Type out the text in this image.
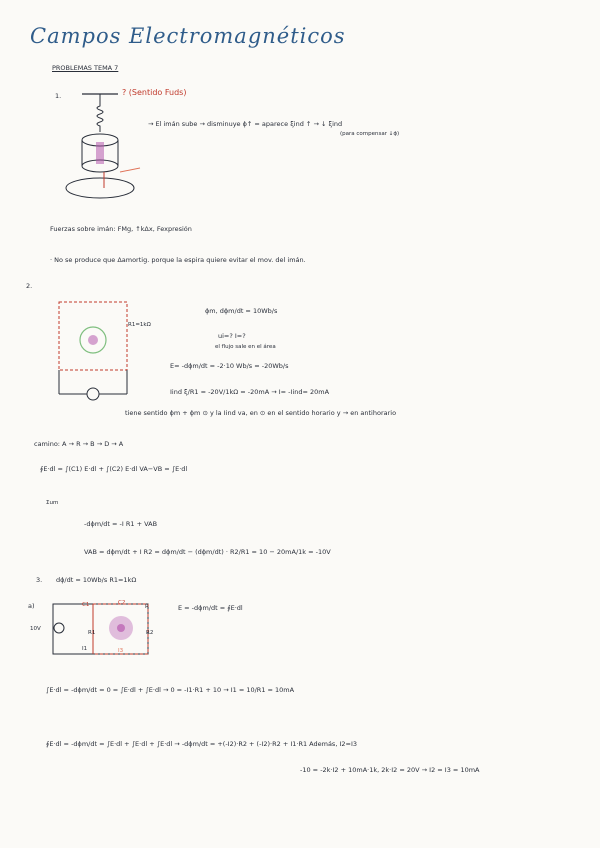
Campos Electromagnéticos
PROBLEMAS TEMA 7
1.	? (Sentido Fuds)
→ El imán sube → disminuye ϕ↑ = aparece ξind ↑ → ↓ ξind
(para compensar ↓ϕ)
Fuerzas sobre imán: FMg, ↑kΔx, Fexpresión
· No se produce que Δamortig. porque la espira quiere evitar el mov. del imán.
2.
R1=1kΩ
ϕm, dϕm/dt = 10Wb/s
ui=? I=?
el flujo sale en el área
E= -dϕm/dt = -2·10 Wb/s = -20Wb/s
Iind ξ/R1 = -20V/1kΩ = -20mA → I= -Iind= 20mA
tiene sentido ϕm + ϕm ⊙ y la Iind va, en ⊙ en el sentido horario y → en antihorario
camino: A → R → B → D → A
∮E·dl = ∫(C1) E·dl + ∫(C2) E·dl VA−VB = ∫E·dl
Σum
-dϕm/dt = -I R1 + VAB
VAB = dϕm/dt + I R2 = dϕm/dt − (dϕm/dt) · R2/R1 = 10 − 20mA/1k = -10V
3. dϕ/dt = 10Wb/s R1=1kΩ
a)
10V
C1	C2
R
R1	R2
I1	I3
E = -dϕm/dt = ∮E·dl
∫E·dl = -dϕm/dt = 0 = ∫E·dl + ∫E·dl → 0 = -I1·R1 + 10 → I1 = 10/R1 = 10mA
∮E·dl = -dϕm/dt = ∫E·dl + ∫E·dl + ∫E·dl → -dϕm/dt = +(-I2)·R2 + (-I2)·R2 + I1·R1 Además, I2=I3
-10 = -2k·I2 + 10mA·1k, 2k·I2 = 20V → I2 = I3 = 10mA
